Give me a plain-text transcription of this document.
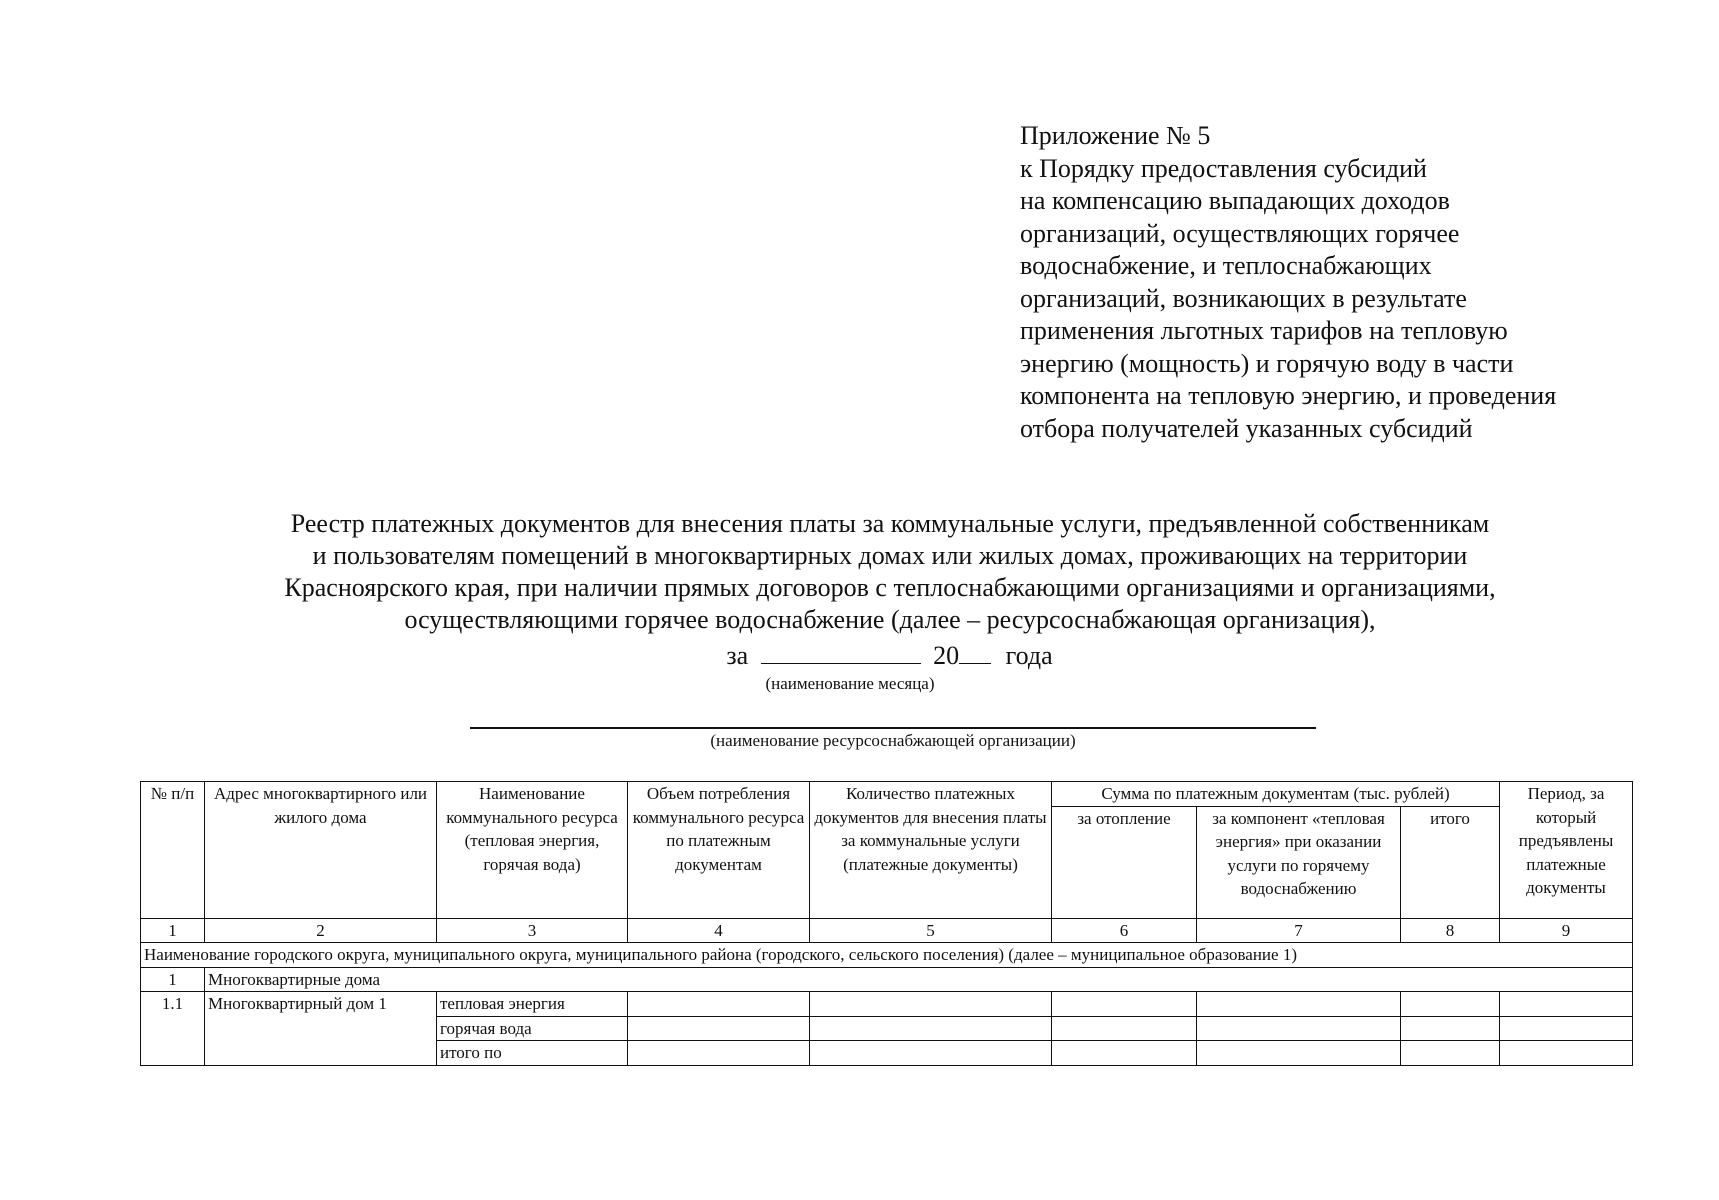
Приложение № 5
к Порядку предоставления субсидий
на компенсацию выпадающих доходов
организаций, осуществляющих горячее
водоснабжение, и теплоснабжающих
организаций, возникающих в результате
применения льготных тарифов на тепловую
энергию (мощность) и горячую воду в части
компонента на тепловую энергию, и проведения
отбора получателей указанных субсидий
Реестр платежных документов для внесения платы за коммунальные услуги, предъявленной собственникам
и пользователям помещений в многоквартирных домах или жилых домах, проживающих на территории
Красноярского края, при наличии прямых договоров с теплоснабжающими организациями и организациями,
осуществляющими горячее водоснабжение (далее – ресурсоснабжающая организация),
за	20 года
(наименование месяца)
(наименование ресурсоснабжающей организации)
№ п/п	Адрес многоквартирного или жилого дома	Наименование коммунального ресурса (тепловая энергия, горячая вода)	Объем потребления коммунального ресурса по платежным документам	Количество платежных документов для внесения платы за коммунальные услуги (платежные документы)	Сумма по платежным документам (тыс. рублей)			Период, за который предъявлены платежные документы
					за отопление	за компонент «тепловая энергия» при оказании услуги по горячему водоснабжению	итого	
1	2	3	4	5	6	7	8	9
Наименование городского округа, муниципального округа, муниципального района (городского, сельского поселения) (далее – муниципальное образование 1)								
1	Многоквартирные дома							
1.1	Многоквартирный дом 1	тепловая энергия						
		горячая вода						
		итого по						
